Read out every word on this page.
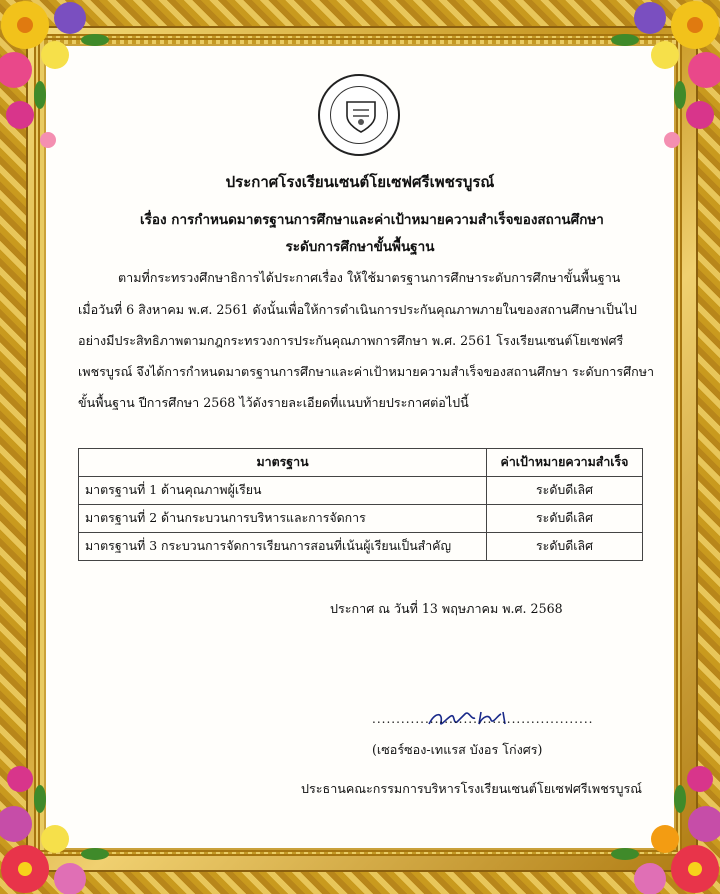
ประกาศโรงเรียนเซนต์โยเซฟศรีเพชรบูรณ์
เรื่อง การกำหนดมาตรฐานการศึกษาและค่าเป้าหมายความสำเร็จของสถานศึกษา
ระดับการศึกษาขั้นพื้นฐาน
ตามที่กระทรวงศึกษาธิการได้ประกาศเรื่อง ให้ใช้มาตรฐานการศึกษาระดับการศึกษาขั้นพื้นฐาน
เมื่อวันที่ 6 สิงหาคม พ.ศ. 2561 ดังนั้นเพื่อให้การดำเนินการประกันคุณภาพภายในของสถานศึกษาเป็นไป
อย่างมีประสิทธิภาพตามกฎกระทรวงการประกันคุณภาพการศึกษา พ.ศ. 2561 โรงเรียนเซนต์โยเซฟศรี
เพชรบูรณ์ จึงได้การกำหนดมาตรฐานการศึกษาและค่าเป้าหมายความสำเร็จของสถานศึกษา ระดับการศึกษา
ขั้นพื้นฐาน ปีการศึกษา 2568 ไว้ดังรายละเอียดที่แนบท้ายประกาศต่อไปนี้
มาตรฐาน	ค่าเป้าหมายความสำเร็จ
มาตรฐานที่ 1 ด้านคุณภาพผู้เรียน	ระดับดีเลิศ
มาตรฐานที่ 2 ด้านกระบวนการบริหารและการจัดการ	ระดับดีเลิศ
มาตรฐานที่ 3 กระบวนการจัดการเรียนการสอนที่เน้นผู้เรียนเป็นสำคัญ	ระดับดีเลิศ
ประกาศ ณ วันที่ 13 พฤษภาคม พ.ศ. 2568
..............................................
(เซอร์ซอง-เทแรส บังอร โก่งศร)
ประธานคณะกรรมการบริหารโรงเรียนเซนต์โยเซฟศรีเพชรบูรณ์
